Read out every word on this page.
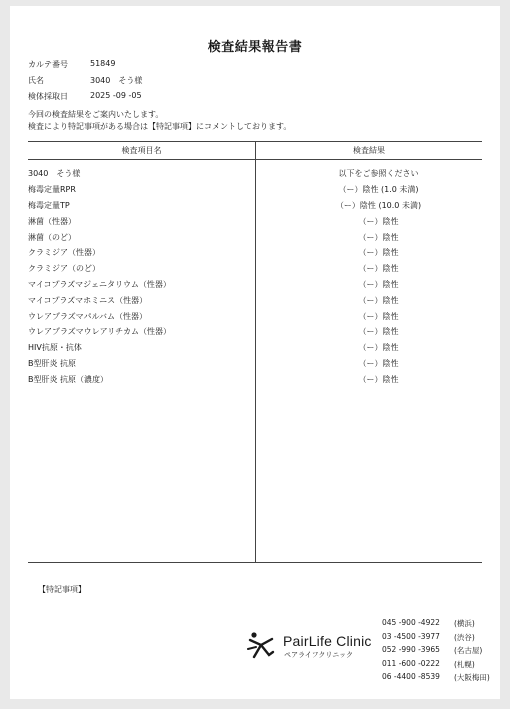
検査結果報告書
カルテ番号	51849
氏名	3040　そう様
検体採取日	2025 -09 -05
今回の検査結果をご案内いたします。
検査により特記事項がある場合は【特記事項】にコメントしております。
検査項目名	検査結果
3040　そう様	以下をご参照ください
梅毒定量RPR	（ー）陰性 (1.0 未満)
梅毒定量TP	（ー）陰性 (10.0 未満)
淋菌（性器）	（ー）陰性
淋菌（のど）	（ー）陰性
クラミジア（性器）	（ー）陰性
クラミジア（のど）	（ー）陰性
マイコプラズマジェニタリウム（性器）	（ー）陰性
マイコプラズマホミニス（性器）	（ー）陰性
ウレアプラズマパルバム（性器）	（ー）陰性
ウレアプラズマウレアリチカム（性器）	（ー）陰性
HIV抗原・抗体	（ー）陰性
B型肝炎 抗原	（ー）陰性
B型肝炎 抗原（濃度）	（ー）陰性
【特記事項】
PairLife Clinic
ペアライフクリニック
045 -900 -4922	(横浜)
03 -4500 -3977	(渋谷)
052 -990 -3965	(名古屋)
011 -600 -0222	(札幌)
06 -4400 -8539	(大阪梅田)
